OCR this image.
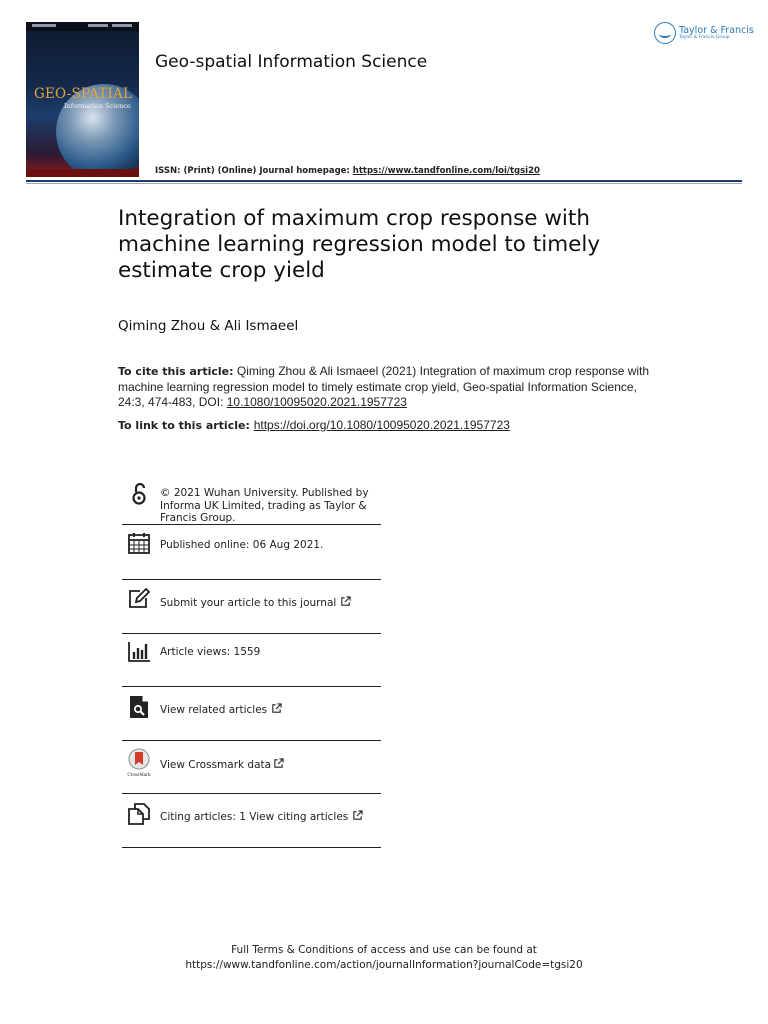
GEO-SPATIAL
Information Science
Geo-spatial Information Science
ISSN: (Print) (Online) Journal homepage: https://www.tandfonline.com/loi/tgsi20
Taylor & Francis
Taylor & Francis Group
Integration of maximum crop response with machine learning regression model to timely estimate crop yield
Qiming Zhou & Ali Ismaeel
To cite this article: Qiming Zhou & Ali Ismaeel (2021) Integration of maximum crop response with machine learning regression model to timely estimate crop yield, Geo-spatial Information Science, 24:3, 474-483, DOI: 10.1080/10095020.2021.1957723
To link to this article: https://doi.org/10.1080/10095020.2021.1957723
© 2021 Wuhan University. Published by Informa UK Limited, trading as Taylor & Francis Group.
Published online: 06 Aug 2021.
Submit your article to this journal
Article views: 1559
View related articles
CrossMark
View Crossmark data
Citing articles: 1 View citing articles
Full Terms & Conditions of access and use can be found at
https://www.tandfonline.com/action/journalInformation?journalCode=tgsi20
